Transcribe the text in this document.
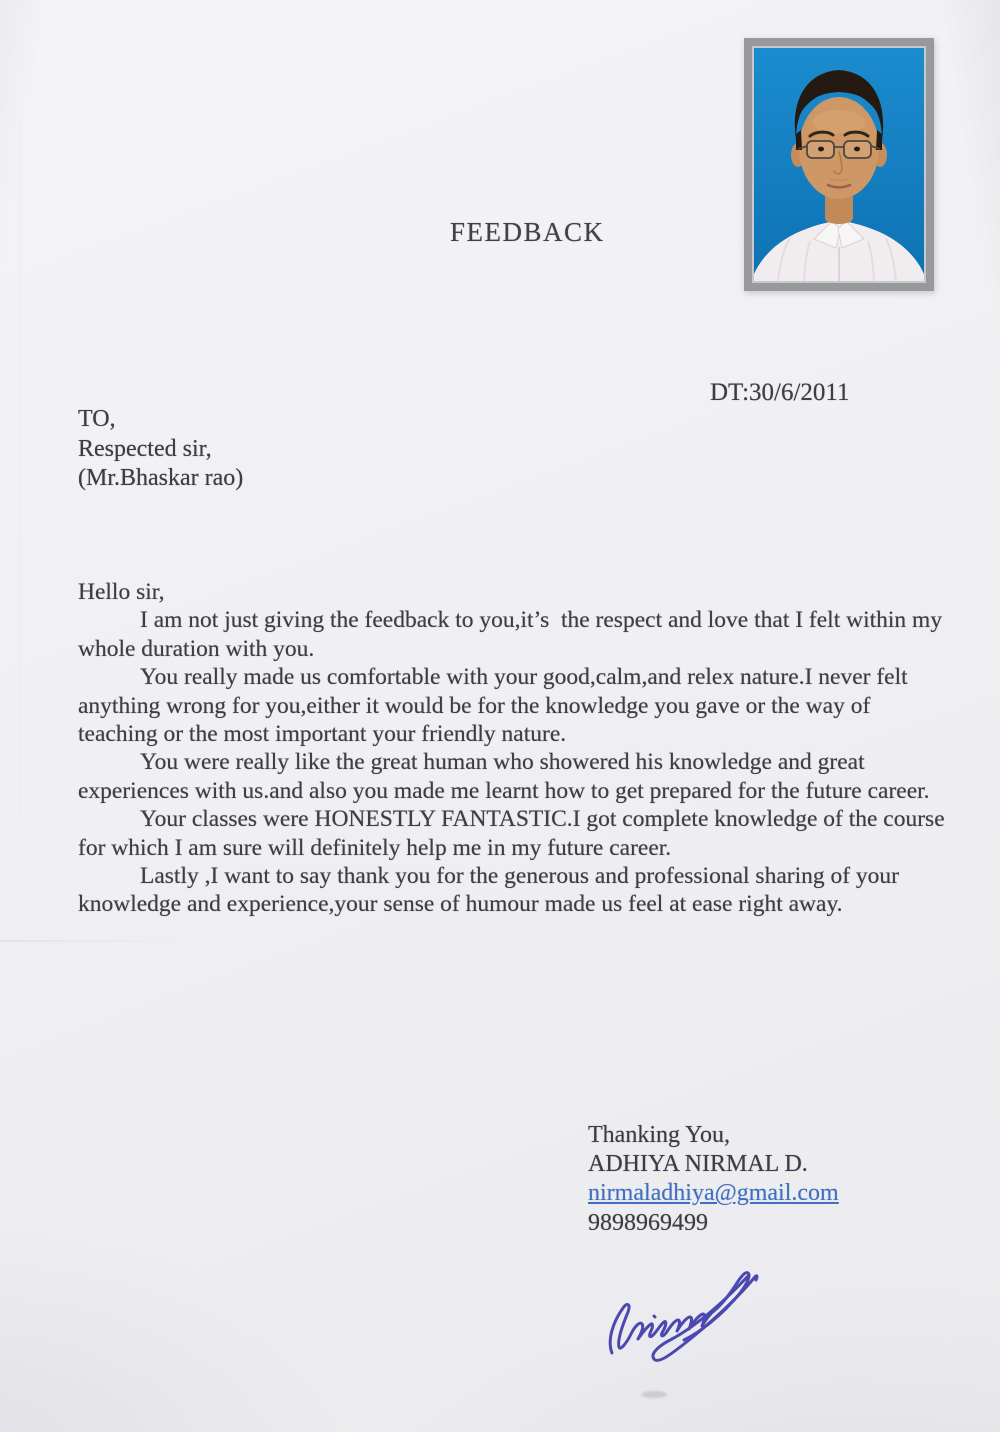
FEEDBACK
DT:30/6/2011
TO,
Respected sir,
(Mr.Bhaskar rao)

Hello sir,

I am not just giving the feedback to you,it’s  the respect and love that I felt within my whole duration with you.

You really made us comfortable with your good,calm,and relex nature.I never felt anything wrong for you,either it would be for the knowledge you gave or the way of teaching or the most important your friendly nature.

You were really like the great human who showered his knowledge and great experiences with us.and also you made me learnt how to get prepared for the future career.

Your classes were HONESTLY FANTASTIC.I got complete knowledge of the course for which I am sure will definitely help me in my future career.

Lastly ,I want to say thank you for the generous and professional sharing of your knowledge and experience,your sense of humour made us feel at ease right away.

Thanking You,
ADHIYA NIRMAL D.
nirmaladhiya@gmail.com
9898969499
